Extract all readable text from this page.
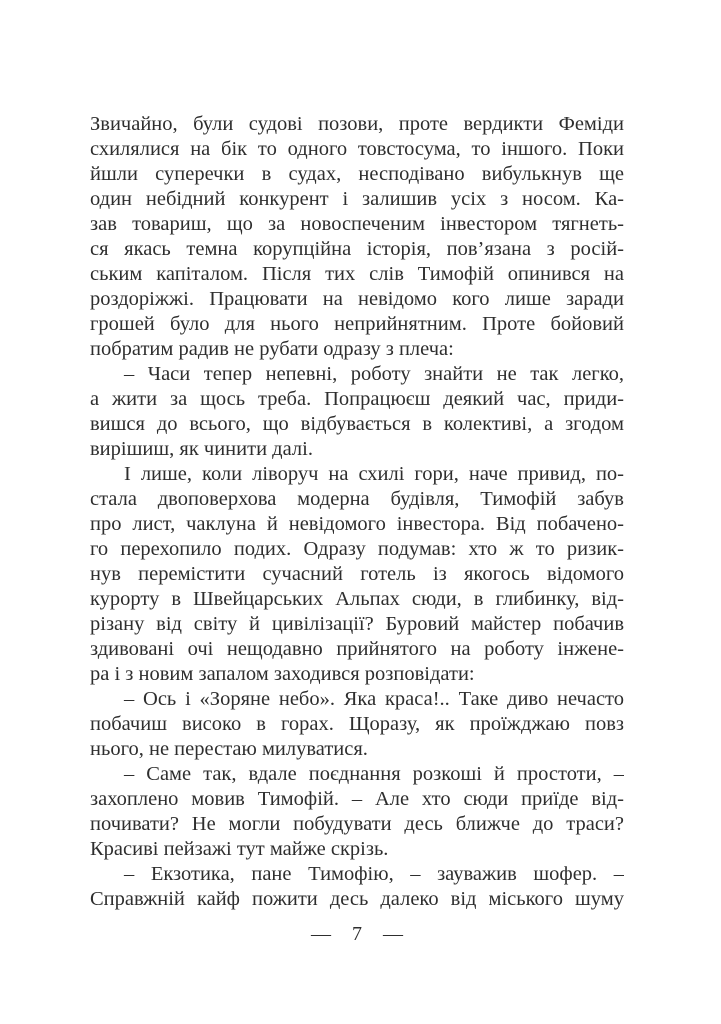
Звичайно, були судові позови, проте вердикти Феміди
схилялися на бік то одного товстосума, то іншого. Поки
йшли суперечки в судах, несподівано вибулькнув ще
один небідний конкурент і залишив усіх з носом. Ка-
зав товариш, що за новоспеченим інвестором тягнеть-
ся якась темна корупційна історія, пов’язана з росій-
ським капіталом. Після тих слів Тимофій опинився на
роздоріжжі. Працювати на невідомо кого лише заради
грошей було для нього неприйнятним. Проте бойовий
побратим радив не рубати одразу з плеча:
– Часи тепер непевні, роботу знайти не так легко,
а жити за щось треба. Попрацюєш деякий час, приди-
вишся до всього, що відбувається в колективі, а згодом
вирішиш, як чинити далі.
І лише, коли ліворуч на схилі гори, наче привид, по-
стала двоповерхова модерна будівля, Тимофій забув
про лист, чаклуна й невідомого інвестора. Від побачено-
го перехопило подих. Одразу подумав: хто ж то ризик-
нув перемістити сучасний готель із якогось відомого
курорту в Швейцарських Альпах сюди, в глибинку, від-
різану від світу й цивілізації? Буровий майстер побачив
здивовані очі нещодавно прийнятого на роботу інжене-
ра і з новим запалом заходився розповідати:
– Ось і «Зоряне небо». Яка краса!.. Таке диво нечасто
побачиш високо в горах. Щоразу, як проїжджаю повз
нього, не перестаю милуватися.
– Саме так, вдале поєднання розкоші й простоти, –
захоплено мовив Тимофій. – Але хто сюди приїде від-
почивати? Не могли побудувати десь ближче до траси?
Красиві пейзажі тут майже скрізь.
– Екзотика, пане Тимофію, – зауважив шофер. –
Справжній кайф пожити десь далеко від міського шуму
— 7 —
